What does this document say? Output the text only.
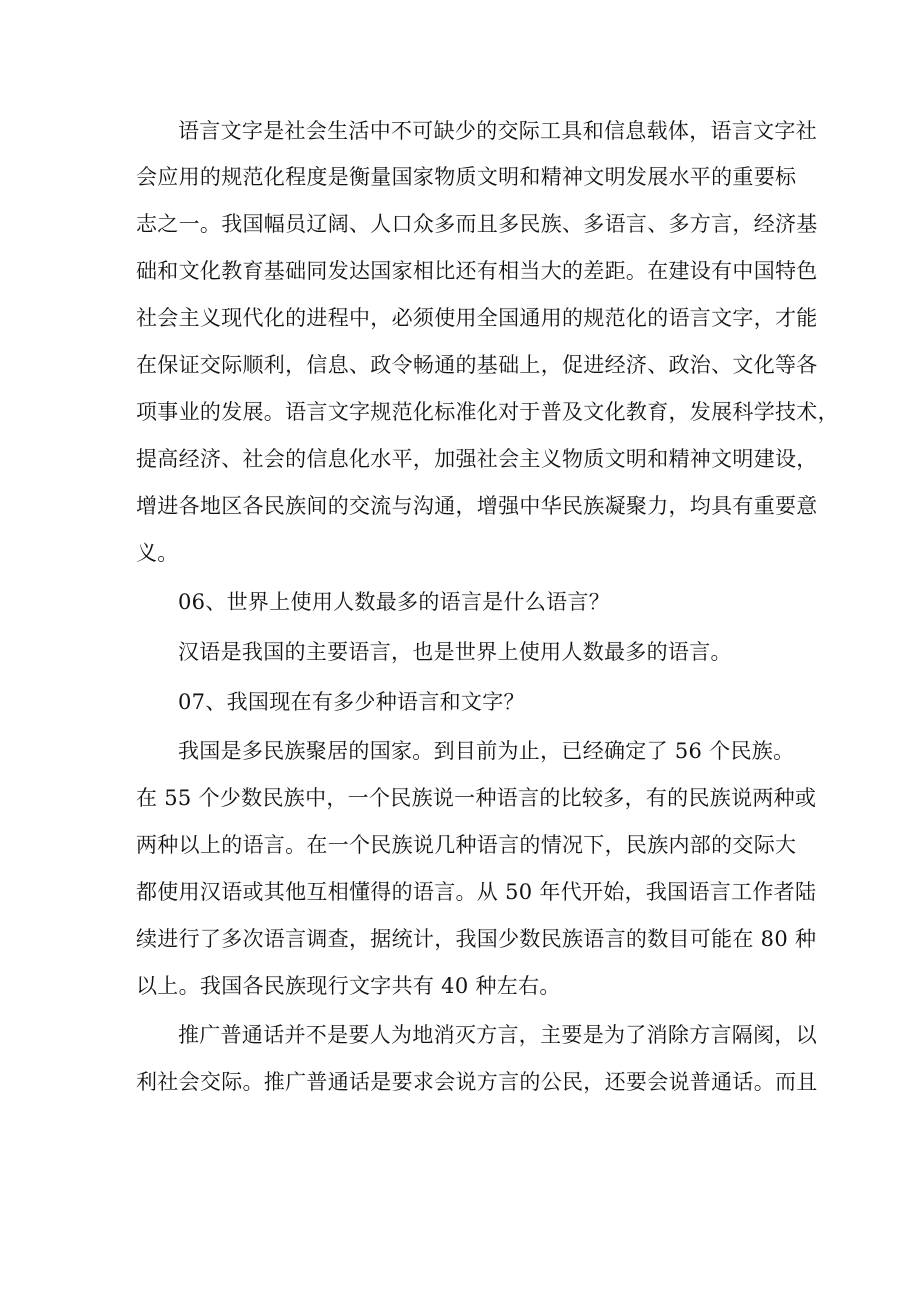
语言文字是社会生活中不可缺少的交际工具和信息载体，语言文字社
会应用的规范化程度是衡量国家物质文明和精神文明发展水平的重要标
志之一。我国幅员辽阔、人口众多而且多民族、多语言、多方言，经济基
础和文化教育基础同发达国家相比还有相当大的差距。在建设有中国特色
社会主义现代化的进程中，必须使用全国通用的规范化的语言文字，才能
在保证交际顺利，信息、政令畅通的基础上，促进经济、政治、文化等各
项事业的发展。语言文字规范化标准化对于普及文化教育，发展科学技术，
提高经济、社会的信息化水平，加强社会主义物质文明和精神文明建设，
增进各地区各民族间的交流与沟通，增强中华民族凝聚力，均具有重要意
义。
06、世界上使用人数最多的语言是什么语言？
汉语是我国的主要语言，也是世界上使用人数最多的语言。
07、我国现在有多少种语言和文字？
我国是多民族聚居的国家。到目前为止，已经确定了 56 个民族。
在 55 个少数民族中，一个民族说一种语言的比较多，有的民族说两种或
两种以上的语言。在一个民族说几种语言的情况下，民族内部的交际大
都使用汉语或其他互相懂得的语言。从 50 年代开始，我国语言工作者陆
续进行了多次语言调查，据统计，我国少数民族语言的数目可能在 80 种
以上。我国各民族现行文字共有 40 种左右。
推广普通话并不是要人为地消灭方言，主要是为了消除方言隔阂，以
利社会交际。推广普通话是要求会说方言的公民，还要会说普通话。而且
